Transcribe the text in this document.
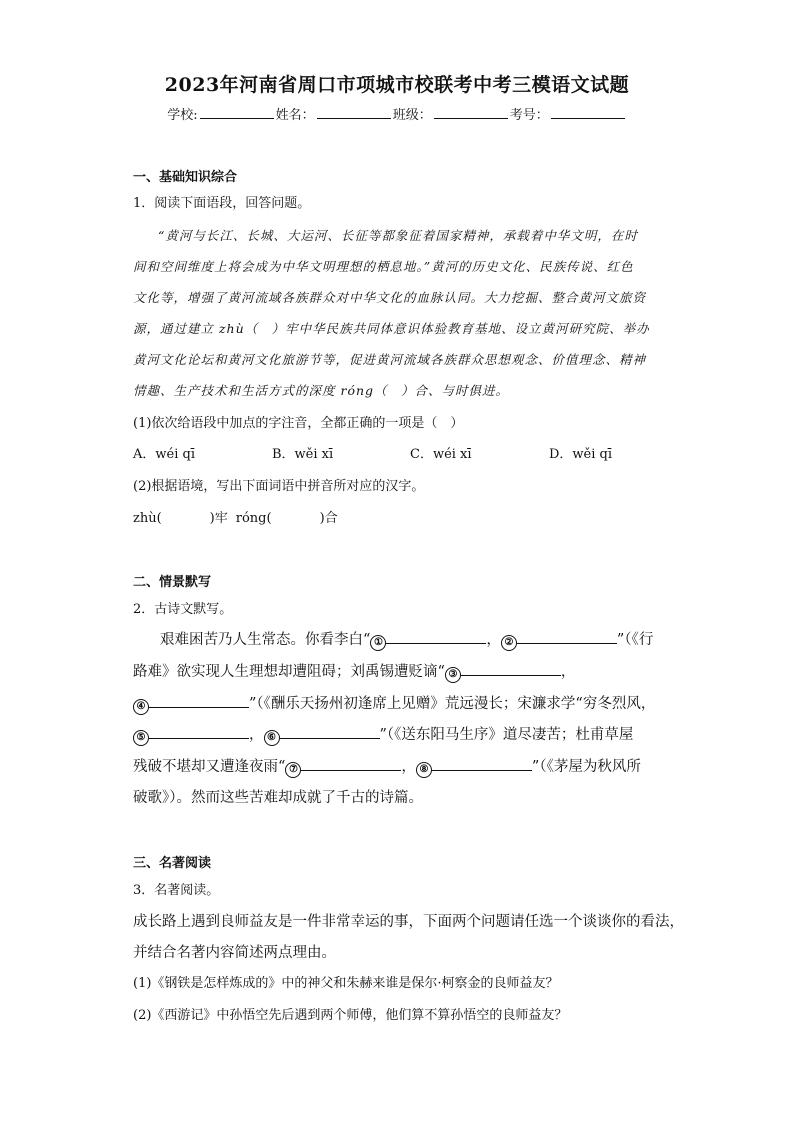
2023年河南省周口市项城市校联考中考三模语文试题
学校:	姓名：	班级：	考号：
一、基础知识综合
1．阅读下面语段，回答问题。
“黄河与长江、长城、大运河、长征等都象征着国家精神，承载着中华文明，在时
间和空间维度上将会成为中华文明理想的栖息地。”黄河的历史文化、民族传说、红色
文化等，增强了黄河流域各族群众对中华文化的血脉认同。大力挖掘、整合黄河文旅资
源，通过建立 zhù（　）牢中华民族共同体意识体验教育基地、设立黄河研究院、举办
黄河文化论坛和黄河文化旅游节等，促进黄河流域各族群众思想观念、价值理念、精神
情趣、生产技术和生活方式的深度 róng（　）合、与时俱进。
(1)依次给语段中加点的字注音，全都正确的一项是（　）
A．wéi qī	B．wěi xī	C．wéi xī	D．wěi qī
(2)根据语境，写出下面词语中拼音所对应的汉字。
zhù(	)牢 róng(	)合
二、情景默写
2．古诗文默写。
艰难困苦乃人生常态。你看李白“ ①	， ②	”（《行
路难》欲实现人生理想却遭阻碍；刘禹锡遭贬谪“ ③	，
④	”（《酬乐天扬州初逢席上见赠》荒远漫长；宋濂求学“穷冬烈风，
⑤	， ⑥	”（《送东阳马生序》道尽凄苦；杜甫草屋
残破不堪却又遭逢夜雨“ ⑦	， ⑧	”（《茅屋为秋风所
破歌》）。然而这些苦难却成就了千古的诗篇。
三、名著阅读
3．名著阅读。
成长路上遇到良师益友是一件非常幸运的事，下面两个问题请任选一个谈谈你的看法，
并结合名著内容简述两点理由。
(1)《钢铁是怎样炼成的》中的神父和朱赫来谁是保尔·柯察金的良师益友？
(2)《西游记》中孙悟空先后遇到两个师傅，他们算不算孙悟空的良师益友？
